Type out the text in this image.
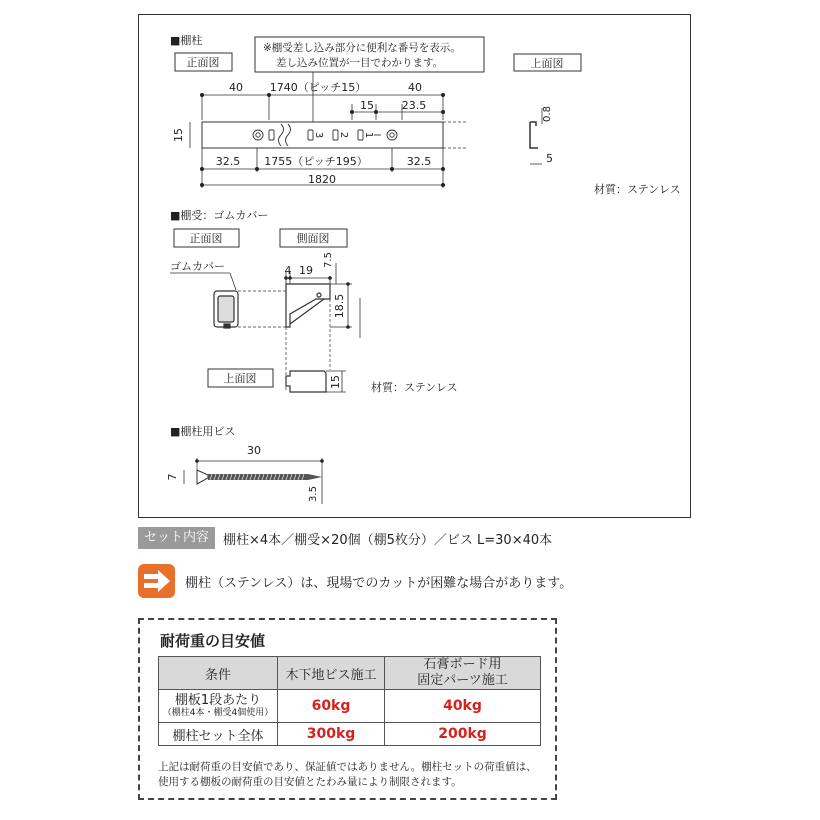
■棚柱
正面図
※棚受差し込み部分に便利な番号を表示。
差し込み位置が一目でわかります。	上面図
40 1740（ピッチ15）	40
15	23.5
3 2 1
15
32.5 1755（ピッチ195）	32.5
1820
0.8
5
材質：ステンレス
■棚受：ゴムカバー
正面図	側面図
ゴムカバー	4 19
7.5
18.5
上面図	15	材質：ステンレス
■棚柱用ビス
30
7
3.5
セット内容	棚柱×4本／棚受×20個（棚5枚分）／ビス L=30×40本
棚柱（ステンレス）は、現場でのカットが困難な場合があります。
耐荷重の目安値
条件	木下地ビス施工	石膏ボード用
固定パーツ施工
棚板1段あたり
（棚柱4本・棚受4個使用）	60kg	40kg
棚柱セット全体	300kg	200kg
上記は耐荷重の目安値であり、保証値ではありません。棚柱セットの荷重値は、
使用する棚板の耐荷重の目安値とたわみ量により制限されます。
